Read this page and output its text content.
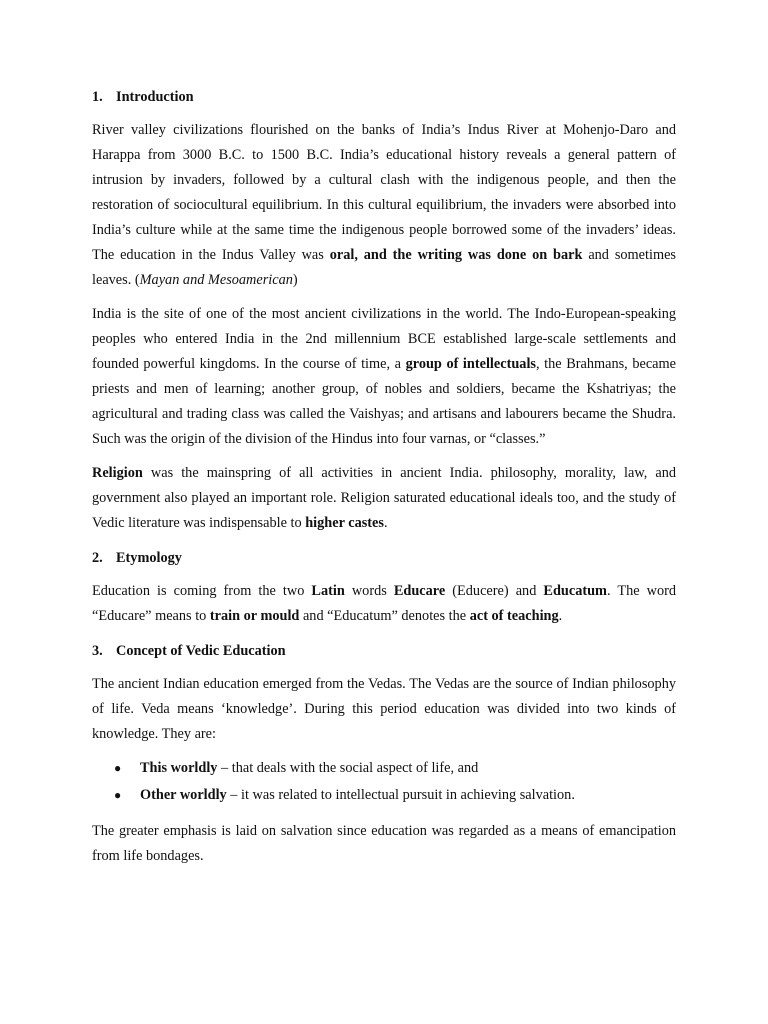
1. Introduction

River valley civilizations flourished on the banks of India’s Indus River at Mohenjo-Daro and Harappa from 3000 B.C. to 1500 B.C. India’s educational history reveals a general pattern of intrusion by invaders, followed by a cultural clash with the indigenous people, and then the restoration of sociocultural equilibrium. In this cultural equilibrium, the invaders were absorbed into India’s culture while at the same time the indigenous people borrowed some of the invaders’ ideas. The education in the Indus Valley was oral, and the writing was done on bark and sometimes leaves. (Mayan and Mesoamerican)

India is the site of one of the most ancient civilizations in the world. The Indo-European-speaking peoples who entered India in the 2nd millennium BCE established large-scale settlements and founded powerful kingdoms. In the course of time, a group of intellectuals, the Brahmans, became priests and men of learning; another group, of nobles and soldiers, became the Kshatriyas; the agricultural and trading class was called the Vaishyas; and artisans and labourers became the Shudra. Such was the origin of the division of the Hindus into four varnas, or “classes.”

Religion was the mainspring of all activities in ancient India. philosophy, morality, law, and government also played an important role. Religion saturated educational ideals too, and the study of Vedic literature was indispensable to higher castes.

2. Etymology

Education is coming from the two Latin words Educare (Educere) and Educatum. The word “Educare” means to train or mould and “Educatum” denotes the act of teaching.

3. Concept of Vedic Education

The ancient Indian education emerged from the Vedas. The Vedas are the source of Indian philosophy of life. Veda means ‘knowledge’. During this period education was divided into two kinds of knowledge. They are:

● This worldly – that deals with the social aspect of life, and
● Other worldly – it was related to intellectual pursuit in achieving salvation.

The greater emphasis is laid on salvation since education was regarded as a means of emancipation from life bondages.
